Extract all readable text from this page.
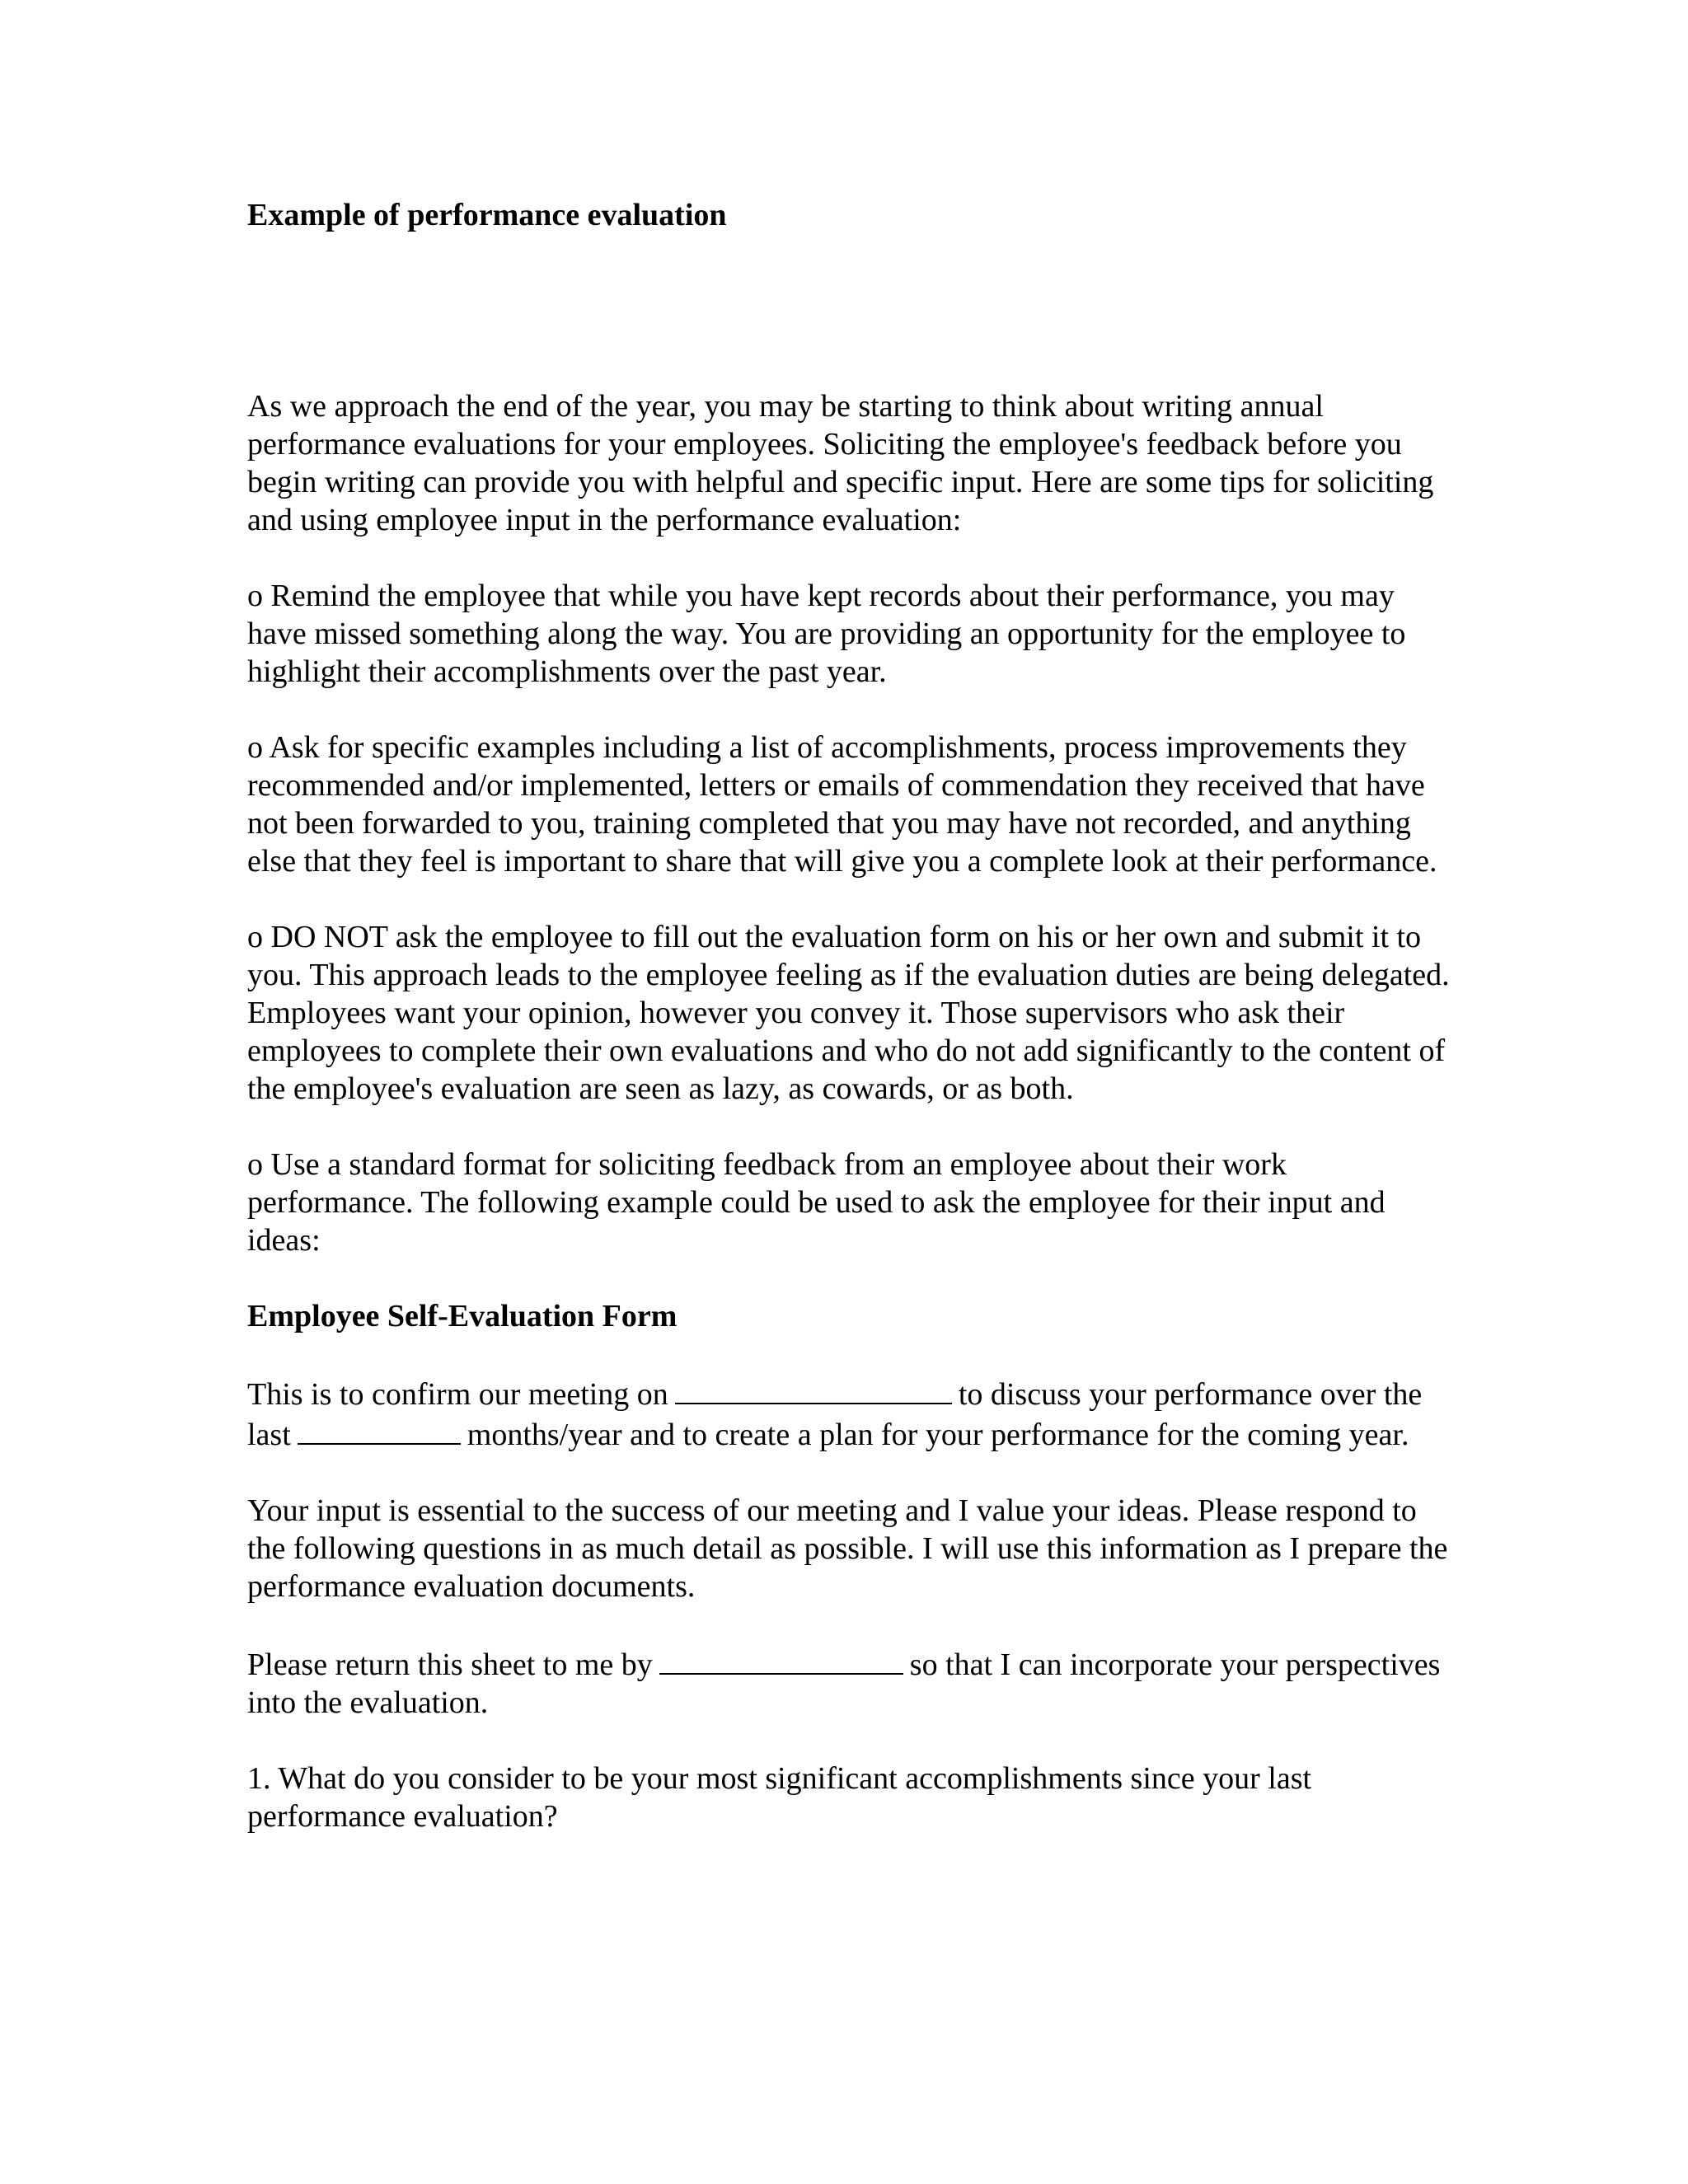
Example of performance evaluation

As we approach the end of the year, you may be starting to think about writing annual performance evaluations for your employees. Soliciting the employee's feedback before you begin writing can provide you with helpful and specific input. Here are some tips for soliciting and using employee input in the performance evaluation:

o Remind the employee that while you have kept records about their performance, you may have missed something along the way. You are providing an opportunity for the employee to highlight their accomplishments over the past year.

o Ask for specific examples including a list of accomplishments, process improvements they recommended and/or implemented, letters or emails of commendation they received that have not been forwarded to you, training completed that you may have not recorded, and anything else that they feel is important to share that will give you a complete look at their performance.

o DO NOT ask the employee to fill out the evaluation form on his or her own and submit it to you. This approach leads to the employee feeling as if the evaluation duties are being delegated. Employees want your opinion, however you convey it. Those supervisors who ask their employees to complete their own evaluations and who do not add significantly to the content of the employee's evaluation are seen as lazy, as cowards, or as both.

o Use a standard format for soliciting feedback from an employee about their work performance. The following example could be used to ask the employee for their input and ideas:

Employee Self-Evaluation Form

This is to confirm our meeting on	to discuss your performance over the last	months/year and to create a plan for your performance for the coming year.

Your input is essential to the success of our meeting and I value your ideas. Please respond to the following questions in as much detail as possible. I will use this information as I prepare the performance evaluation documents.

Please return this sheet to me by	so that I can incorporate your perspectives into the evaluation.

1. What do you consider to be your most significant accomplishments since your last performance evaluation?
